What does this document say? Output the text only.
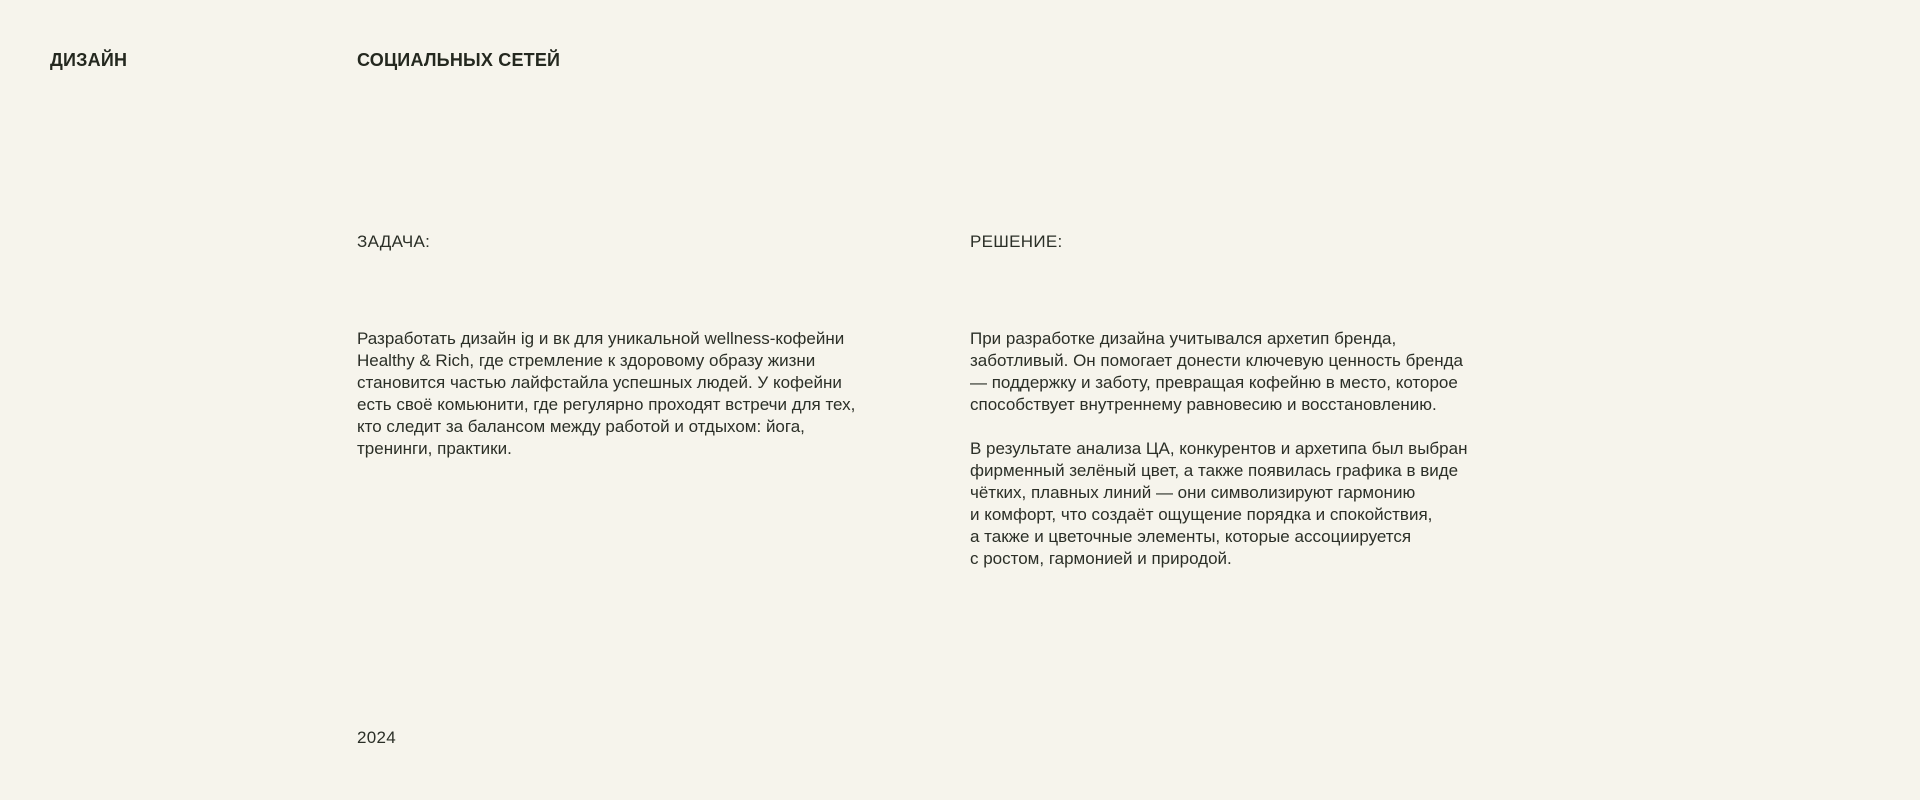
ДИЗАЙН	СОЦИАЛЬНЫХ СЕТЕЙ
ЗАДАЧА:
Разработать дизайн ig и вк для уникальной wellness-кофейни
Healthy & Rich, где стремление к здоровому образу жизни
становится частью лайфстайла успешных людей. У кофейни
есть своё комьюнити, где регулярно проходят встречи для тех,
кто следит за балансом между работой и отдыхом: йога,
тренинги, практики.
РЕШЕНИЕ:
При разработке дизайна учитывался архетип бренда,
заботливый. Он помогает донести ключевую ценность бренда
— поддержку и заботу, превращая кофейню в место, которое
способствует внутреннему равновесию и восстановлению.
В результате анализа ЦА, конкурентов и архетипа был выбран
фирменный зелёный цвет, а также появилась графика в виде
чётких, плавных линий — они символизируют гармонию
и комфорт, что создаёт ощущение порядка и спокойствия,
а также и цветочные элементы, которые ассоциируется
с ростом, гармонией и природой.
2024
